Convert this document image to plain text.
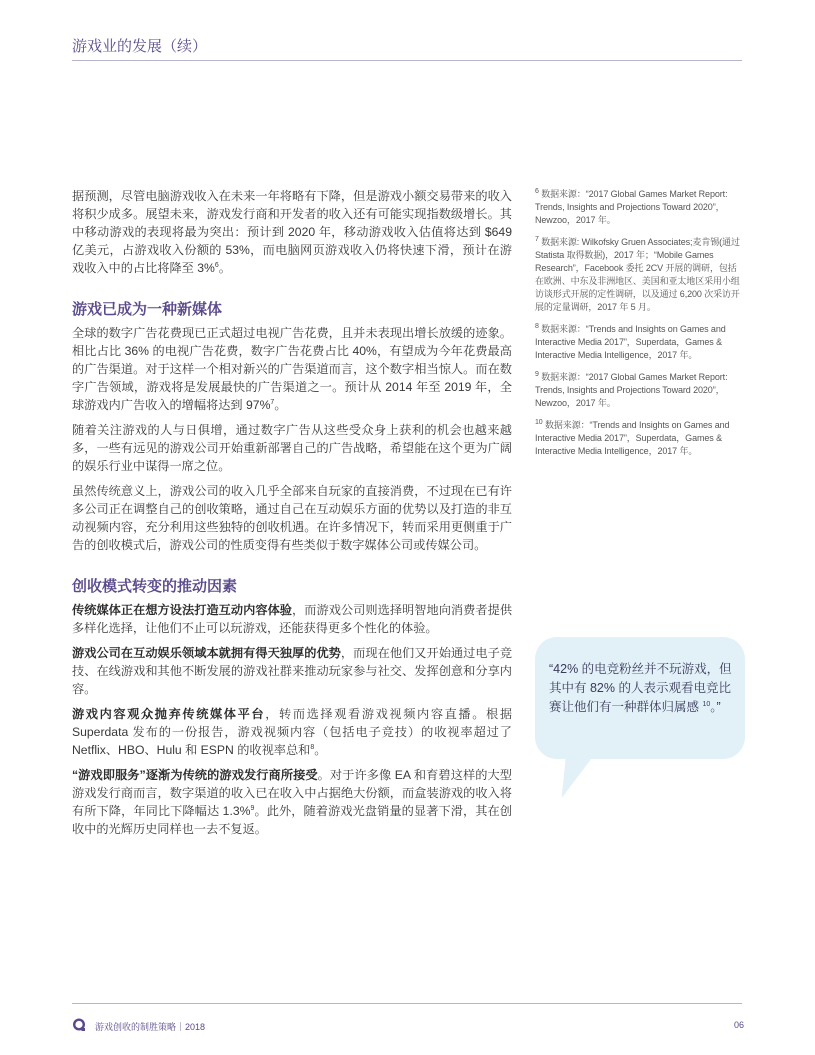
游戏业的发展（续）

据预测，尽管电脑游戏收入在未来一年将略有下降，但是游戏小额交易带来的收入将积少成多。展望未来，游戏发行商和开发者的收入还有可能实现指数级增长。其中移动游戏的表现将最为突出：预计到 2020 年，移动游戏收入估值将达到 $649 亿美元，占游戏收入份额的 53%，而电脑网页游戏收入仍将快速下滑，预计在游戏收入中的占比将降至 3%$^6$。

游戏已成为一种新媒体

全球的数字广告花费现已正式超过电视广告花费，且并未表现出增长放缓的迹象。相比占比 36% 的电视广告花费，数字广告花费占比 40%，有望成为今年花费最高的广告渠道。对于这样一个相对新兴的广告渠道而言，这个数字相当惊人。而在数字广告领域，游戏将是发展最快的广告渠道之一。预计从 2014 年至 2019 年，全球游戏内广告收入的增幅将达到 97%$^7$。

随着关注游戏的人与日俱增，通过数字广告从这些受众身上获利的机会也越来越多，一些有远见的游戏公司开始重新部署自己的广告战略，希望能在这个更为广阔的娱乐行业中谋得一席之位。

虽然传统意义上，游戏公司的收入几乎全部来自玩家的直接消费，不过现在已有许多公司正在调整自己的创收策略，通过自己在互动娱乐方面的优势以及打造的非互动视频内容，充分利用这些独特的创收机遇。在许多情况下，转而采用更侧重于广告的创收模式后，游戏公司的性质变得有些类似于数字媒体公司或传媒公司。

创收模式转变的推动因素

传统媒体正在想方设法打造互动内容体验，而游戏公司则选择明智地向消费者提供多样化选择，让他们不止可以玩游戏，还能获得更多个性化的体验。

游戏公司在互动娱乐领域本就拥有得天独厚的优势，而现在他们又开始通过电子竞技、在线游戏和其他不断发展的游戏社群来推动玩家参与社交、发挥创意和分享内容。

游戏内容观众抛弃传统媒体平台，转而选择观看游戏视频内容直播。根据 Superdata 发布的一份报告，游戏视频内容（包括电子竞技）的收视率超过了 Netflix、HBO、Hulu 和 ESPN 的收视率总和$^8$。

“游戏即服务”逐渐为传统的游戏发行商所接受。对于许多像 EA 和育碧这样的大型游戏发行商而言，数字渠道的收入已在收入中占据绝大份额，而盒装游戏的收入将有所下降，年同比下降幅达 1.3%$^9$。此外，随着游戏光盘销量的显著下滑，其在创收中的光辉历史同样也一去不复返。

$^6$ 数据来源：“2017 Global Games Market Report: Trends, Insights and Projections Toward 2020”，Newzoo，2017 年。

$^7$ 数据来源: Wilkofsky Gruen Associates;麦肯锡(通过 Statista 取得数据)，2017 年；“Mobile Games Research”，Facebook 委托 2CV 开展的调研，包括在欧洲、中东及非洲地区、美国和亚太地区采用小组访谈形式开展的定性调研，以及通过 6,200 次采访开展的定量调研，2017 年 5 月。

$^8$ 数据来源：“Trends and Insights on Games and Interactive Media 2017”，Superdata，Games & Interactive Media Intelligence，2017 年。

$^9$ 数据来源：“2017 Global Games Market Report: Trends, Insights and Projections Toward 2020”，Newzoo，2017 年。

$^{10}$ 数据来源：“Trends and Insights on Games and Interactive Media 2017”，Superdata，Games & Interactive Media Intelligence，2017 年。

“42% 的电竞粉丝并不玩游戏，但其中有 82% 的人表示观看电竞比赛让他们有一种群体归属感 $^{10}$。”
游戏创收的制胜策略｜2018	06
